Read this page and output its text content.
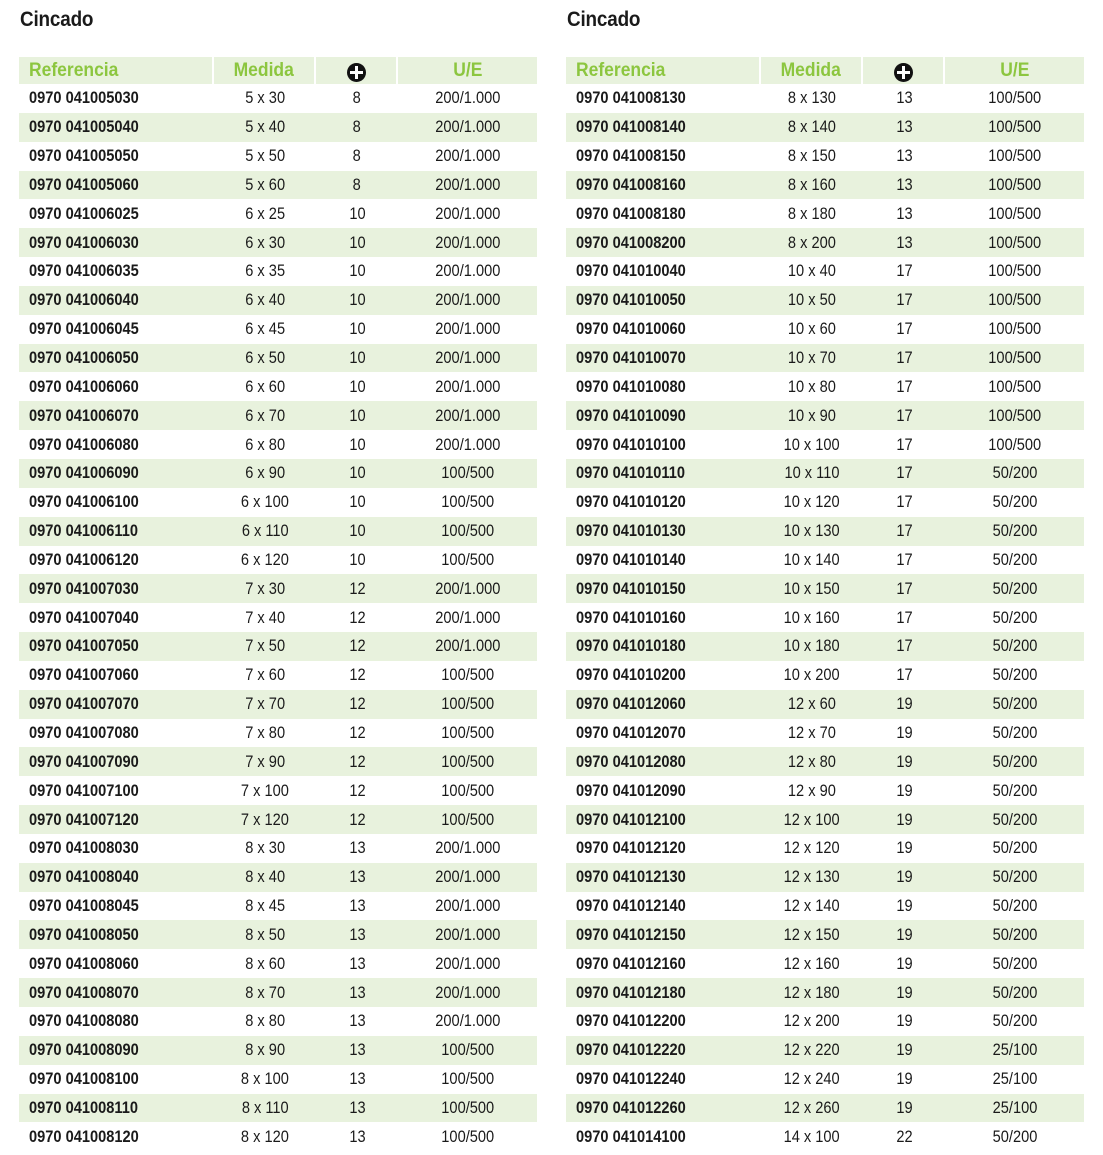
Cincado
Referencia	Medida	U/E
0970 041005030	5 x 30	8	200/1.000
0970 041005040	5 x 40	8	200/1.000
0970 041005050	5 x 50	8	200/1.000
0970 041005060	5 x 60	8	200/1.000
0970 041006025	6 x 25	10	200/1.000
0970 041006030	6 x 30	10	200/1.000
0970 041006035	6 x 35	10	200/1.000
0970 041006040	6 x 40	10	200/1.000
0970 041006045	6 x 45	10	200/1.000
0970 041006050	6 x 50	10	200/1.000
0970 041006060	6 x 60	10	200/1.000
0970 041006070	6 x 70	10	200/1.000
0970 041006080	6 x 80	10	200/1.000
0970 041006090	6 x 90	10	100/500
0970 041006100	6 x 100	10	100/500
0970 041006110	6 x 110	10	100/500
0970 041006120	6 x 120	10	100/500
0970 041007030	7 x 30	12	200/1.000
0970 041007040	7 x 40	12	200/1.000
0970 041007050	7 x 50	12	200/1.000
0970 041007060	7 x 60	12	100/500
0970 041007070	7 x 70	12	100/500
0970 041007080	7 x 80	12	100/500
0970 041007090	7 x 90	12	100/500
0970 041007100	7 x 100	12	100/500
0970 041007120	7 x 120	12	100/500
0970 041008030	8 x 30	13	200/1.000
0970 041008040	8 x 40	13	200/1.000
0970 041008045	8 x 45	13	200/1.000
0970 041008050	8 x 50	13	200/1.000
0970 041008060	8 x 60	13	200/1.000
0970 041008070	8 x 70	13	200/1.000
0970 041008080	8 x 80	13	200/1.000
0970 041008090	8 x 90	13	100/500
0970 041008100	8 x 100	13	100/500
0970 041008110	8 x 110	13	100/500
0970 041008120	8 x 120	13	100/500
Cincado
Referencia	Medida	U/E
0970 041008130	8 x 130	13	100/500
0970 041008140	8 x 140	13	100/500
0970 041008150	8 x 150	13	100/500
0970 041008160	8 x 160	13	100/500
0970 041008180	8 x 180	13	100/500
0970 041008200	8 x 200	13	100/500
0970 041010040	10 x 40	17	100/500
0970 041010050	10 x 50	17	100/500
0970 041010060	10 x 60	17	100/500
0970 041010070	10 x 70	17	100/500
0970 041010080	10 x 80	17	100/500
0970 041010090	10 x 90	17	100/500
0970 041010100	10 x 100	17	100/500
0970 041010110	10 x 110	17	50/200
0970 041010120	10 x 120	17	50/200
0970 041010130	10 x 130	17	50/200
0970 041010140	10 x 140	17	50/200
0970 041010150	10 x 150	17	50/200
0970 041010160	10 x 160	17	50/200
0970 041010180	10 x 180	17	50/200
0970 041010200	10 x 200	17	50/200
0970 041012060	12 x 60	19	50/200
0970 041012070	12 x 70	19	50/200
0970 041012080	12 x 80	19	50/200
0970 041012090	12 x 90	19	50/200
0970 041012100	12 x 100	19	50/200
0970 041012120	12 x 120	19	50/200
0970 041012130	12 x 130	19	50/200
0970 041012140	12 x 140	19	50/200
0970 041012150	12 x 150	19	50/200
0970 041012160	12 x 160	19	50/200
0970 041012180	12 x 180	19	50/200
0970 041012200	12 x 200	19	50/200
0970 041012220	12 x 220	19	25/100
0970 041012240	12 x 240	19	25/100
0970 041012260	12 x 260	19	25/100
0970 041014100	14 x 100	22	50/200
